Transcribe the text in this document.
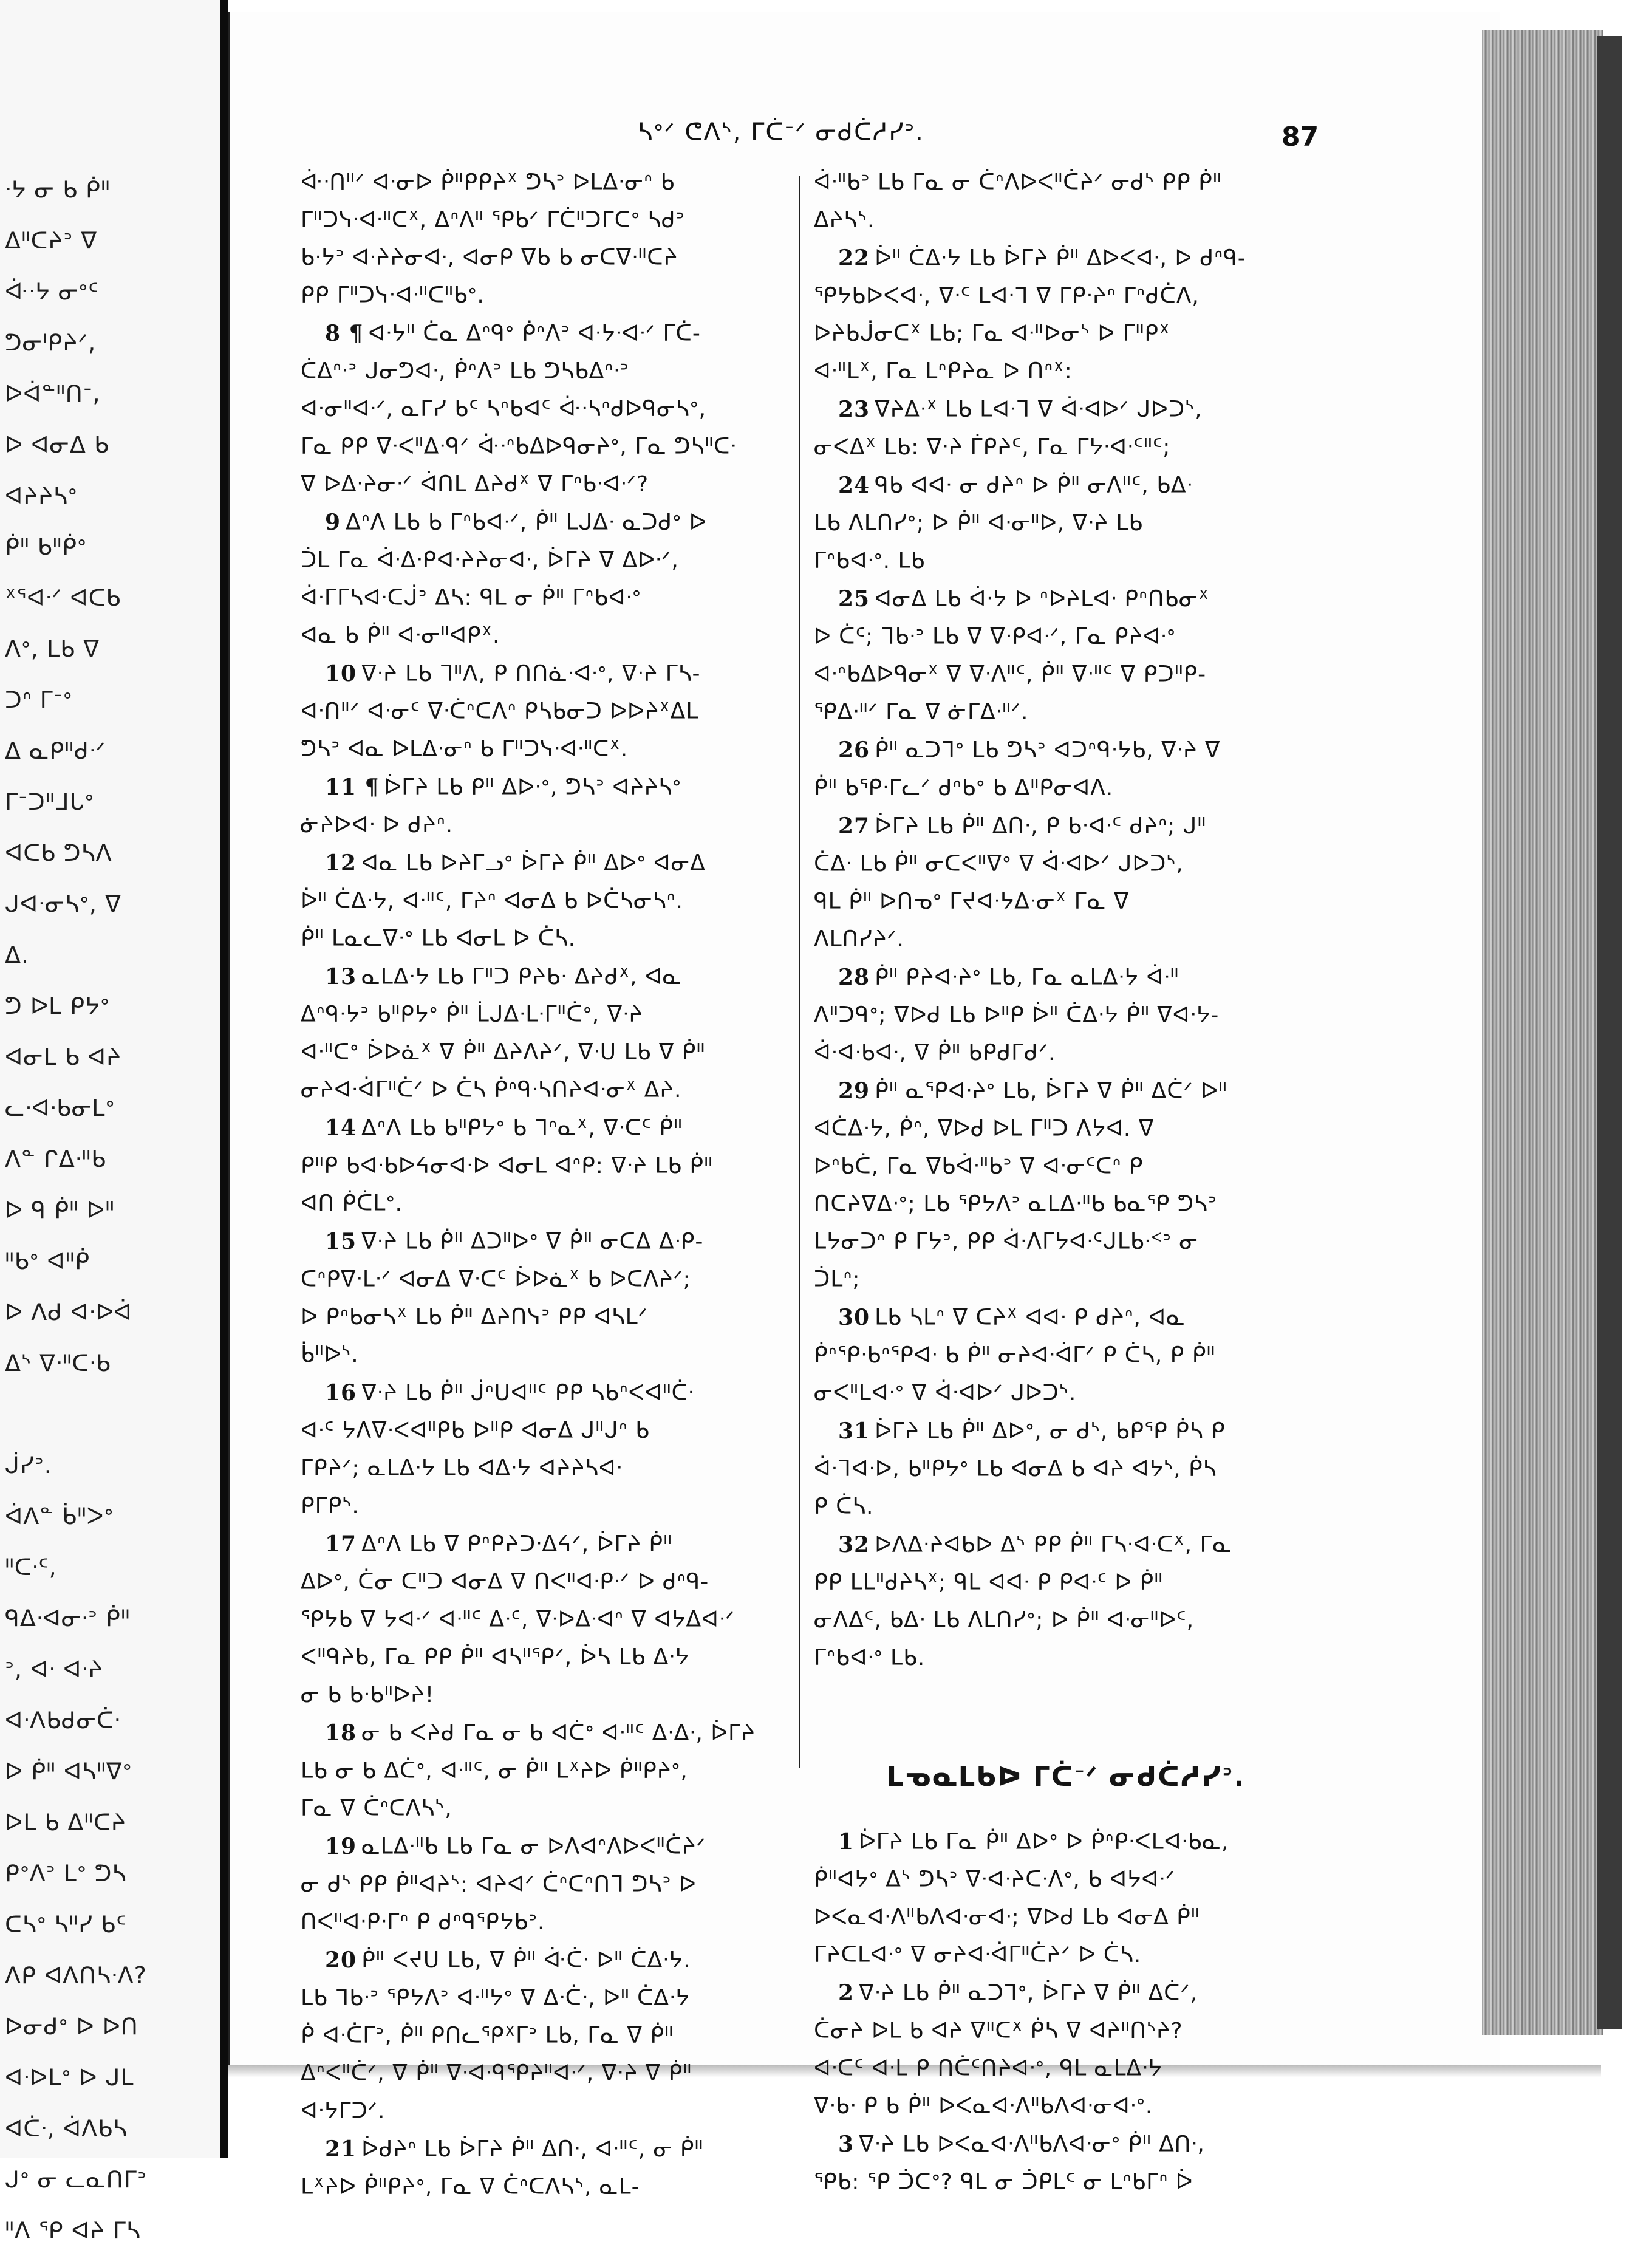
ᐧᔭ ᓂ ᑲ ᑮᐦ
ᐃᐦᑕᔨᐣ ᐁ
ᐚᐧᔭ ᓂᐤᑦ
ᕤᓂᑊᑭᔨᐟ,
ᐅᐋᓐᐦᑎᐨ,
ᐅ ᐊᓂᐃ ᑲ
ᐊᔨᔨᓴᐤ
ᑮᐦ ᑲᐦᑮᐤ
ᕁᕐᐊᐧᐟ ᐊᑕᑲ
ᐱᐤ, ᒪᑲ ᐁ
ᑐᐢ ᒥᐨᐤ
ᐃ ᓇᑭᐦᑯᐧᐟ
ᒥᐨᑐᐦᒧᒐᐤ
ᐊᑕᑲ ᕤᓴᐱ
ᒍᐊᐧᓂᓴᐤ, ᐁ
ᐃ.
ᕤ ᐅᒪ ᑭᔭᐤ
ᐊᓂᒪ ᑲ ᐊᔨ
ᓚᐧᐊᐧᑲᓂᒪᐤ
ᐱᓐ ᒋᐃᐧᐦᑲ
ᐅ ᑫ ᑮᐦ ᐅᐦ
ᐦᑲᐤ ᐊᐦᑮ
ᐅ ᐱᑯ ᐊᐧᐅᐋ
ᐃᔅ ᐁᐧᐦᑕᐧᑲ

ᒎᓯᐣ.
ᐋᐱᓐ ᑳᐦᐳᐤ
ᐦᑕᐧᑦ,
ᑫᐃᐧᐊᓂᐧᐣ ᑮᐦ
ᐣ, ᐊᐧ ᐊᐧᔨ
ᐊᐧᐱᑲᑯᓂᑖᐧ
ᐅ ᑮᐦ ᐊᓴᐦᐁᐤ
ᐅᒪ ᑲ ᐃᐦᑕᔨ
ᑭᐤᐱᐣ ᒪᐤ ᕤᓴ
ᑕᓴᐤ ᓴᐦᓯ ᑲᑦ
ᐱᑭ ᐊᐱᑎᓴᐧᐱ?
ᐅᓂᑯᐤ ᐅ ᐅᑎ
ᐊᐧᐅᒪᐤ ᐅ ᒍᒪ
ᐊᑖᐧ, ᐋᐱᑲᓴ
ᒍᐤ ᓂ ᓚᓇᑎᒥᐣ
ᐦᐱ ᕿ ᐊᔨ ᒥᓴ
ᓴᐤᐟ ᕦᐱᔅ, ᒥᑖᐨᐟ ᓂᑯᑖᓱᓯᐣ.	87
ᐚᐧᑎᐦᐟ ᐊᐧᓂᐅ ᑮᐦᑭᑭᔨᕽ ᕤᓴᐣ ᐅᒪᐃᐧᓂᐢ ᑲ
ᒥᐦᑐᓭᐧᐊᐧᐦᑕᕽ, ᐃᐢᐱᐦ ᕿᑲᐟ ᒥᑖᐦᑐᒥᑕᐤ ᓴᑯᐣ
ᑲᐧᔭᐣ ᐊᐧᔨᔨᓂᐊᐧ, ᐊᓂᑭ ᐁᑲ ᑲ ᓂᑕᐁᐧᐦᑕᔨ
ᑭᑭ ᒥᐦᑐᓭᐧᐊᐧᐦᑕᐦᑲᐤ.
8 ¶ ᐊᐧᔭᐦ ᑖᓇ ᐃᐢᑫᐤ ᑮᐢᐱᐣ ᐊᐧᔭᐧᐊᐧᐟ ᒥᑖ-
ᑖᐃᐢᐧᐣ ᒍᓂᕤᐊᐧ, ᑮᐢᐱᐣ ᒪᑲ ᕤᓴᑲᐃᐢᐧᐣ
ᐊᐧᓂᐦᐊᐧᐟ, ᓇᒥᓯ ᑲᑦ ᓴᐢᑲᐊᑦ ᐚᐧᓴᐢᑯᐅᑫᓂᓴᐤ,
ᒥᓇ ᑭᑭ ᐁᐧᐸᐦᐃᐧᑫᐟ ᐚᐧᐢᑲᐃᐅᑫᓂᔨᐤ, ᒥᓇ ᕤᓴᐦᑕᐧ
ᐁ ᐅᐃᐧᔨᓂᐧᐟ ᐋᑎᒪ ᐃᔨᑯᕽ ᐁ ᒥᐢᑲᐧᐊᐧᐟ?
9 ᐃᐢᐱ ᒪᑲ ᑲ ᒥᐢᑲᐊᐧᐟ, ᑮᐦ ᒪᒍᐃᐧ ᓇᑐᑯᐤ ᐅ
ᑑᒪ ᒥᓇ ᐋᐧᐃᐧᑭᐊᐧᔨᔨᓂᐊᐧ, ᐆᒥᔨ ᐁ ᐃᐅᐧᐟ,
ᐋᐧᒥᒥᓴᐊᐧᑕᒎᐣ ᐃᓴ: ᑫᒪ ᓂ ᑮᐦ ᒥᐢᑲᐊᐧᐤ
ᐊᓇ ᑲ ᑮᐦ ᐊᐧᓂᐦᐊᑭᕽ.
10 ᐁᐧᔨ ᒪᑲ ᒣᐦᐱ, ᑭ ᑎᑎᓈᐧᐊᐧᐤ, ᐁᐧᔨ ᒥᓴ-
ᐊᐧᑎᐦᐟ ᐊᐧᓂᑦ ᐁᐧᑖᐢᑕᐱᐢ ᑭᓴᑲᓂᑐ ᐅᐅᔨᕽᐃᒪ
ᕤᓴᐣ ᐊᓇ ᐅᒪᐃᐧᓂᐢ ᑲ ᒥᐦᑐᓭᐧᐊᐧᐦᑕᕽ.
11 ¶ ᐆᒥᔨ ᒪᑲ ᑭᐦ ᐃᐅᐧᐤ, ᕤᓴᐣ ᐊᔨᔨᓴᐤ
ᓃᔨᐅᐊᐧ ᐅ ᑯᔨᐢ.
12 ᐊᓇ ᒪᑲ ᐅᔨᒥᓗᐤ ᐆᒥᔨ ᑮᐦ ᐃᐅᐤ ᐊᓂᐃ
ᐆᐦ ᑖᐃᐧᔭ, ᐊᐧᐦᑦ, ᒥᔨᐢ ᐊᓂᐃ ᑲ ᐅᑖᓴᓂᓴᐢ.
ᑮᐦ ᒪᓇᓚᐁᐧᐤ ᒪᑲ ᐊᓂᒪ ᐅ ᑖᓴ.
13 ᓇᒪᐃᐧᔭ ᒪᑲ ᒥᐦᑐ ᑭᔨᑲᐧ ᐃᔨᑯᕽ, ᐊᓇ
ᐃᐢᑫᐧᔭᐣ ᑲᐦᑭᔭᐤ ᑮᐦ ᒫᒍᐃᐧᒪᐧᒥᐦᑖᐤ, ᐁᐧᔨ
ᐊᐧᐦᑕᐤ ᐆᐅᓈᕽ ᐁ ᑮᐦ ᐃᔨᐱᔨᐟ, ᐁᐧᑌ ᒪᑲ ᐁ ᑮᐦ
ᓂᔨᐊᐧᐋᒥᐦᑖᐟ ᐅ ᑖᓴ ᑮᐢᑫᐧᓴᑎᔨᐊᐧᓂᕽ ᐃᔨ.
14 ᐃᐢᐱ ᒪᑲ ᑲᐦᑭᔭᐤ ᑲ ᒣᐢᓇᕽ, ᐁᐧᑕᑦ ᑮᐦ
ᑭᐦᑭ ᑲᐊᐧᑲᐅᔦᓂᐊᐧᐅ ᐊᓂᒪ ᐊᐢᑭ: ᐁᐧᔨ ᒪᑲ ᑮᐦ
ᐊᑎ ᑮᑖᒪᐤ.
15 ᐁᐧᔨ ᒪᑲ ᑮᐦ ᐃᑐᐦᐅᐤ ᐁ ᑮᐦ ᓂᑕᐃ ᐃᐧᑭ-
ᑕᐢᑭᐁᐧᒪᐧᐟ ᐊᓂᐃ ᐁᐧᑕᑦ ᐆᐅᓈᕽ ᑲ ᐅᑕᐱᔨᐟ;
ᐅ ᑭᐢᑲᓂᓴᕽ ᒪᑲ ᑮᐦ ᐃᔨᑎᓭᐣ ᑭᑭ ᐊᓴᒪᐟ
ᑳᐦᐅᔅ.
16 ᐁᐧᔨ ᒪᑲ ᑮᐦ ᒎᐢᑌᐊᐦᑦ ᑭᑭ ᓴᑲᐢᐸᐊᐦᑖᐧ
ᐊᐧᑦ ᔭᐱᐁᐧᐸᐊᐦᑭᑲ ᐅᐦᑭ ᐊᓂᐃ ᒍᐦᒍᐢ ᑲ
ᒥᑭᔨᐟ; ᓇᒪᐃᐧᔭ ᒪᑲ ᐊᐃᐧᔭ ᐊᔨᔨᓴᐊᐧ
ᑭᒥᑭᔅ.
17 ᐃᐢᐱ ᒪᑲ ᐁ ᑭᐢᑭᔨᑐᐧᐃᔦᐟ, ᐆᒥᔨ ᑮᐦ
ᐃᐅᐤ, ᑖᓂ ᑕᐦᑐ ᐊᓂᐃ ᐁ ᑎᐸᐦᐊᐧᑭᐧᐟ ᐅ ᑯᐢᑫ-
ᕿᔭᑲ ᐁ ᔭᐊᐧᐟ ᐊᐧᐦᑦ ᐃᐧᑦ, ᐁᐧᐅᐃᐧᐊᐢ ᐁ ᐊᔭᐃᐊᐧᐟ
ᐸᐦᑫᔨᑲ, ᒥᓇ ᑭᑭ ᑮᐦ ᐊᓴᐦᕿᐟ, ᐆᓴ ᒪᑲ ᐃᐧᔭ
ᓂ ᑲ ᑲᐧᑲᐦᐅᔨ!
18 ᓂ ᑲ ᐸᔨᑯ ᒥᓇ ᓂ ᑲ ᐊᑖᐤ ᐊᐧᐦᑦ ᐃᐧᐃᐧ, ᐆᒥᔨ
ᒪᑲ ᓂ ᑲ ᐃᑖᐤ, ᐊᐧᐦᑦ, ᓂ ᑮᐦ ᒪᕽᔨᐅ ᑮᐦᑭᔨᐤ,
ᒥᓇ ᐁ ᑖᐢᑕᐱᓴᔅ,
19 ᓇᒪᐃᐧᐦᑲ ᒪᑲ ᒥᓇ ᓂ ᐅᐱᐊᐢᐱᐅᐸᐦᑖᔨᐟ
ᓂ ᑯᔅ ᑭᑭ ᑮᐦᐊᔨᔅ: ᐊᔨᐊᐟ ᑖᐢᑕᐢᑎᒣ ᕤᓴᐣ ᐅ
ᑎᐸᐦᐊᐧᑭᐧᒥᐢ ᑭ ᑯᐢᑫᕿᔭᑲᐣ.
20 ᑮᐦ ᐸᔪᑌ ᒪᑲ, ᐁ ᑮᐦ ᐚᑖᐧ ᐅᐦ ᑖᐃᐧᔭ.
ᒪᑲ ᒣᑲᐧᐣ ᕿᔭᐱᐣ ᐊᐧᐦᔭᐤ ᐁ ᐃᐧᑖᐧ, ᐅᐦ ᑖᐃᐧᔭ
ᑮ ᐊᐧᑖᒥᐣ, ᑮᐦ ᑭᑎᓚᕿᕽᒥᐣ ᒪᑲ, ᒥᓇ ᐁ ᑮᐦ
ᐃᐢᐸᐦᑖᐟ, ᐁ ᑮᐦ ᐁᐧᐊᐧᑫᕿᔨᐦᐊᐧᐟ, ᐁᐧᔨ ᐁ ᑮᐦ
ᐊᐧᔭᒥᑐᐟ.
21 ᐆᑯᔨᐢ ᒪᑲ ᐆᒥᔨ ᑮᐦ ᐃᑎᐧ, ᐊᐧᐦᑦ, ᓂ ᑮᐦ
ᒪᕽᔨᐅ ᑮᐦᑭᔨᐤ, ᒥᓇ ᐁ ᑖᐢᑕᐱᓴᔅ, ᓇᒪ-
ᐋᐧᐦᑲᐣ ᒪᑲ ᒥᓇ ᓂ ᑖᐢᐱᐅᐸᐦᑖᔨᐟ ᓂᑯᔅ ᑭᑭ ᑮᐦ
ᐃᔨᓴᔅ.
22 ᐆᐦ ᑖᐃᐧᔭ ᒪᑲ ᐆᒥᔨ ᑮᐦ ᐃᐅᐸᐊᐧ, ᐅ ᑯᐢᑫ-
ᕿᔭᑲᐅᐸᐊᐧ, ᐁᐧᑦ ᒪᐊᐧᒣ ᐁ ᒥᑭᐧᔨᐢ ᒥᐢᑯᑖᐱ,
ᐅᔨᑲᒎᓂᑕᕽ ᒪᑲ; ᒥᓇ ᐊᐧᐦᐅᓂᔅ ᐅ ᒥᐦᑭᕽ
ᐊᐧᐦᒪᕽ, ᒥᓇ ᒪᐢᑭᔨᓇ ᐅ ᑎᐢᕽ:
23 ᐁᔨᐃᐧᕽ ᒪᑲ ᒪᐊᐧᒣ ᐁ ᐋᐧᐊᐅᐟ ᒍᐅᑐᔅ,
ᓂᐸᐃᕽ ᒪᑲ: ᐁᐧᔨ ᒦᑭᔨᑦ, ᒥᓇ ᒥᔭᐧᐊᐧᑦᐦᑦ;
24 ᑫᑲ ᐊᐊᐧ ᓂ ᑯᔨᐢ ᐅ ᑮᐦ ᓂᐱᐦᑦ, ᑲᐃᐧ
ᒪᑲ ᐱᒪᑎᓯᐤ; ᐅ ᑮᐦ ᐊᐧᓂᐦᐅ, ᐁᐧᔨ ᒪᑲ
ᒥᐢᑲᐊᐧᐤ. ᒪᑲ
25 ᐊᓂᐃ ᒪᑲ ᐋᐧᔭ ᐅ ᐢᐅᔨᒪᐊᐧ ᑭᐢᑎᑲᓂᕽ
ᐅ ᑖᑦ; ᒣᑲᐧᐣ ᒪᑲ ᐁ ᐁᐧᑭᐊᐧᐟ, ᒥᓇ ᑭᔨᐊᐧᐤ
ᐊᐧᐢᑲᐃᐅᑫᓂᕽ ᐁ ᐁᐧᐱᐦᑦ, ᑮᐦ ᐁᐧᐦᑦ ᐁ ᑭᑐᐦᑭ-
ᕿᐃᐧᐦᐟ ᒥᓇ ᐁ ᓃᒥᐃᐧᐦᐟ.
26 ᑮᐦ ᓇᑐᒣᐤ ᒪᑲ ᕤᓴᐣ ᐊᑐᐢᑫᐧᔭᑲ, ᐁᐧᔨ ᐁ
ᑮᐦ ᑲᕿᐧᒥᓚᐟ ᑯᐢᑲᐤ ᑲ ᐃᐦᑭᓂᐊᐱ.
27 ᐆᒥᔨ ᒪᑲ ᑮᐦ ᐃᑎᐧ, ᑭ ᑲᐧᐊᐧᑦ ᑯᔨᐢ; ᒍᐦ
ᑖᐃᐧ ᒪᑲ ᑮᐦ ᓂᑕᐸᐦᐁᐤ ᐁ ᐋᐧᐊᐅᐟ ᒍᐅᑐᔅ,
ᑫᒪ ᑮᐦ ᐅᑎᓀᐤ ᒥᔪᐊᐧᔭᐃᐧᓂᕽ ᒥᓇ ᐁ
ᐱᒪᑎᓯᔨᐟ.
28 ᑮᐦ ᑭᔨᐊᐧᔨᐤ ᒪᑲ, ᒥᓇ ᓇᒪᐃᐧᔭ ᐋᐧᐦ
ᐱᐦᑐᑫᐤ; ᐁᐅᑯ ᒪᑲ ᐅᐦᑭ ᐆᐦ ᑖᐃᐧᔭ ᑮᐦ ᐁᐊᐧᔭ-
ᐋᐧᐊᐧᑲᐊᐧ, ᐁ ᑮᐦ ᑲᑭᑯᒥᑯᐟ.
29 ᑮᐦ ᓇᕿᐊᐧᔨᐤ ᒪᑲ, ᐆᒥᔨ ᐁ ᑮᐦ ᐃᑖᐟ ᐅᐦ
ᐊᑖᐃᐧᔭ, ᑮᐢ, ᐁᐅᑯ ᐅᒪ ᒥᐦᑐ ᐱᔭᐊ. ᐁ
ᐅᐢᑲᑖ, ᒥᓇ ᐁᑲᐋᐧᐦᑲᐣ ᐁ ᐊᐧᓂᑦᑕᐢ ᑭ
ᑎᑕᔨᐁᐃᐧᐤ; ᒪᑲ ᕿᔭᐱᐣ ᓇᒪᐃᐧᐦᑲ ᑲᓇᕿ ᕤᓴᐣ
ᒪᔭᓂᑐᐢ ᑭ ᒥᔭᐣ, ᑭᑭ ᐋᐧᐱᒥᔭᐊᐧᑦᒍᒪᑲᐧᑉᐣ ᓂ
ᑑᒪᐢ;
30 ᒪᑲ ᓴᒪᐢ ᐁ ᑕᔨᕽ ᐊᐊᐧ ᑭ ᑯᔨᐢ, ᐊᓇ
ᑮᐢᕿᐧᑲᐢᕿᐊᐧ ᑲ ᑮᐦ ᓂᔨᐊᐧᐋᒥᐟ ᑭ ᑖᓴ, ᑭ ᑮᐦ
ᓂᐸᐦᒪᐊᐧᐤ ᐁ ᐋᐧᐊᐅᐟ ᒍᐅᑐᔅ.
31 ᐆᒥᔨ ᒪᑲ ᑮᐦ ᐃᐅᐤ, ᓂ ᑯᔅ, ᑲᑭᕿ ᑮᓴ ᑭ
ᐋᐧᒣᐊᐧᐅ, ᑲᐦᑭᔭᐤ ᒪᑲ ᐊᓂᐃ ᑲ ᐊᔨ ᐊᔭᔅ, ᑮᓴ
ᑭ ᑖᓴ.
32 ᐅᐱᐃᐧᔨᐊᑲᐅ ᐃᔅ ᑭᑭ ᑮᐦ ᒥᓴᐧᐊᐧᑕᕽ, ᒥᓇ
ᑭᑭ ᒪᒪᐦᑯᔨᓴᕽ; ᑫᒪ ᐊᐊᐧ ᑭ ᑭᐊᐧᑦ ᐅ ᑮᐦ
ᓂᐱᐃᑦ, ᑲᐃᐧ ᒪᑲ ᐱᒪᑎᓯᐤ; ᐅ ᑮᐦ ᐊᐧᓂᐦᐅᑦ,
ᒥᐢᑲᐊᐧᐤ ᒪᑲ.
ᒪᓀᓇᒪᑲᐅ ᒥᑖᐨᐟ ᓂᑯᑖᓱᓯᐣ.
1 ᐆᒥᔨ ᒪᑲ ᒥᓇ ᑮᐦ ᐃᐅᐤ ᐅ ᑮᐢᑭᐧᐸᒪᐊᐧᑲᓇ,
ᑮᐦᐊᔭᐤ ᐃᔅ ᕤᓴᐣ ᐁᐧᐊᐧᔨᑕᐧᐱᐤ, ᑲ ᐊᔭᐊᐧᐟ
ᐅᐸᓇᐊᐧᐱᐦᑲᐱᐊᐧᓂᐊᐧ; ᐁᐅᑯ ᒪᑲ ᐊᓂᐃ ᑮᐦ
ᒥᔨᑕᒪᐊᐧᐤ ᐁ ᓂᔨᐊᐧᐋᒥᐦᑖᔨᐟ ᐅ ᑖᓴ.
2 ᐁᐧᔨ ᒪᑲ ᑮᐦ ᓇᑐᒣᐤ, ᐆᒥᔨ ᐁ ᑮᐦ ᐃᑖᐟ,
ᑖᓂᔨ ᐅᒪ ᑲ ᐊᔨ ᐁᐦᑕᕽ ᑮᓴ ᐁ ᐊᔨᐦᑎᔅᔨ?
ᐊᐧᑕᑦ ᐊᐧᒪ ᑭ ᑎᑖᑦᑎᔨᐊᐧᐤ, ᑫᒪ ᓇᒪᐃᐧᔭ
ᐁᐧᑲᐧ ᑭ ᑲ ᑮᐦ ᐅᐸᓇᐊᐧᐱᐦᑲᐱᐊᐧᓂᐊᐧᐤ.
3 ᐁᐧᔨ ᒪᑲ ᐅᐸᓇᐊᐧᐱᐦᑲᐱᐊᐧᓂᐤ ᑮᐦ ᐃᑎᐧ,
ᕿᑲ: ᕿ ᑑᑕᐤ? ᑫᒪ ᓂ ᑑᑭᒪᑦ ᓂ ᒪᐢᑲᒥᐢ ᐆ
